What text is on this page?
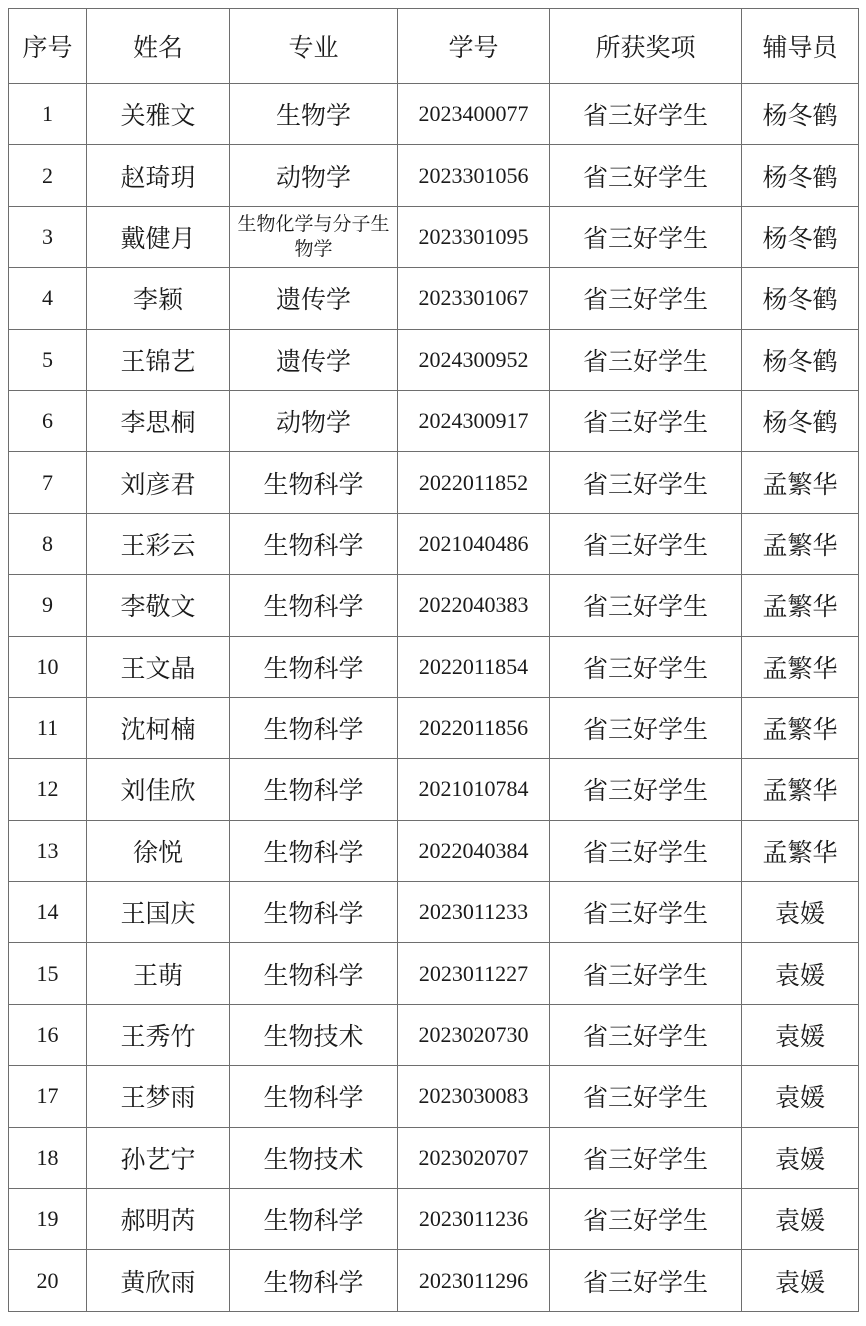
序号	姓名	专业	学号	所获奖项	辅导员
1	关雅文	生物学	2023400077	省三好学生	杨冬鹤
2	赵琦玥	动物学	2023301056	省三好学生	杨冬鹤
3	戴健月	生物化学与分子生物学	2023301095	省三好学生	杨冬鹤
4	李颖	遗传学	2023301067	省三好学生	杨冬鹤
5	王锦艺	遗传学	2024300952	省三好学生	杨冬鹤
6	李思桐	动物学	2024300917	省三好学生	杨冬鹤
7	刘彦君	生物科学	2022011852	省三好学生	孟繁华
8	王彩云	生物科学	2021040486	省三好学生	孟繁华
9	李敬文	生物科学	2022040383	省三好学生	孟繁华
10	王文晶	生物科学	2022011854	省三好学生	孟繁华
11	沈柯楠	生物科学	2022011856	省三好学生	孟繁华
12	刘佳欣	生物科学	2021010784	省三好学生	孟繁华
13	徐悦	生物科学	2022040384	省三好学生	孟繁华
14	王国庆	生物科学	2023011233	省三好学生	袁媛
15	王萌	生物科学	2023011227	省三好学生	袁媛
16	王秀竹	生物技术	2023020730	省三好学生	袁媛
17	王梦雨	生物科学	2023030083	省三好学生	袁媛
18	孙艺宁	生物技术	2023020707	省三好学生	袁媛
19	郝明芮	生物科学	2023011236	省三好学生	袁媛
20	黄欣雨	生物科学	2023011296	省三好学生	袁媛
